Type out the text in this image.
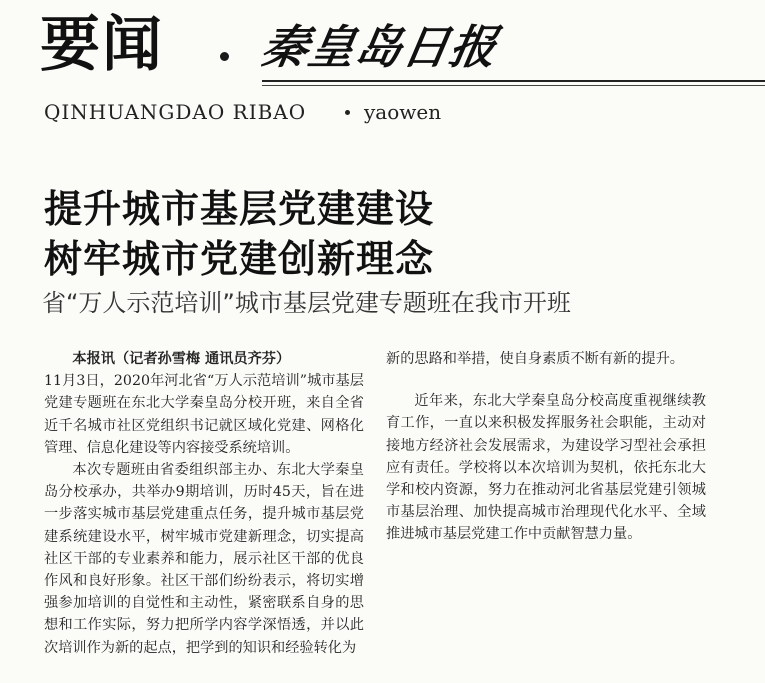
要闻 秦皇岛日报
QINHUANGDAO RIBAO	yaowen
提升城市基层党建建设
树牢城市党建创新理念
省“万人示范培训”城市基层党建专题班在我市开班

本报讯（记者孙雪梅 通讯员齐芬）

11月3日，2020年河北省“万人示范培训”城市基层党建专题班在东北大学秦皇岛分校开班，来自全省近千名城市社区党组织书记就区域化党建、网格化管理、信息化建设等内容接受系统培训。

本次专题班由省委组织部主办、东北大学秦皇岛分校承办，共举办9期培训，历时45天，旨在进一步落实城市基层党建重点任务，提升城市基层党建系统建设水平，树牢城市党建新理念，切实提高社区干部的专业素养和能力，展示社区干部的优良作风和良好形象。社区干部们纷纷表示，将切实增强参加培训的自觉性和主动性，紧密联系自身的思想和工作实际，努力把所学内容学深悟透，并以此次培训作为新的起点，把学到的知识和经验转化为

新的思路和举措，使自身素质不断有新的提升。

近年来，东北大学秦皇岛分校高度重视继续教育工作，一直以来积极发挥服务社会职能，主动对接地方经济社会发展需求，为建设学习型社会承担应有责任。学校将以本次培训为契机，依托东北大学和校内资源，努力在推动河北省基层党建引领城市基层治理、加快提高城市治理现代化水平、全域推进城市基层党建工作中贡献智慧力量。
